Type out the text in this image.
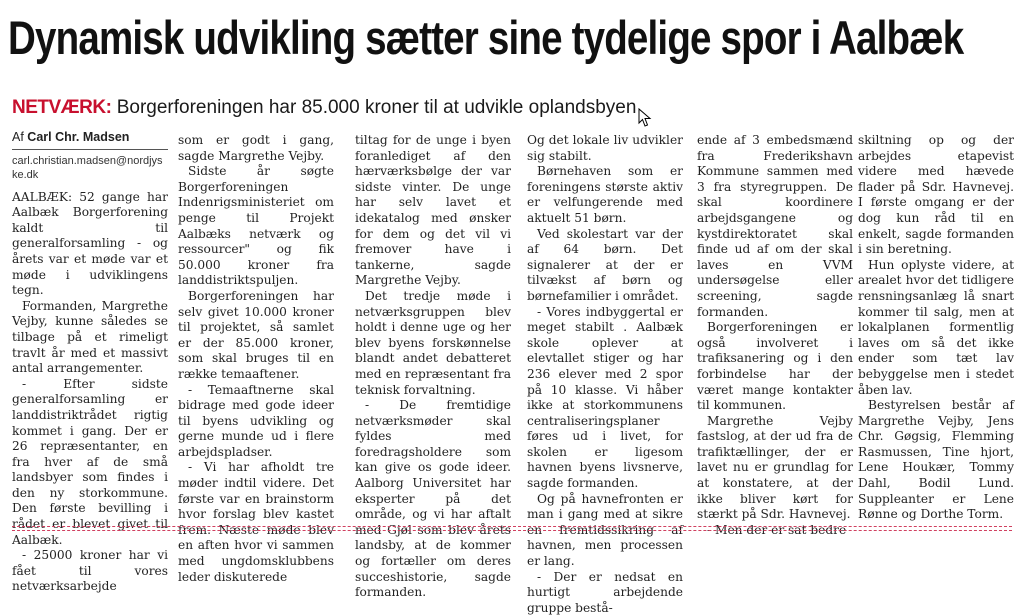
Dynamisk udvikling sætter sine tydelige spor i Aalbæk
NETVÆRK: Borgerforeningen har 85.000 kroner til at udvikle oplandsbyen
Af Carl Chr. Madsen
carl.christian.madsen@nordjyske.dk

AALBÆK: 52 gange har Aalbæk Borgerforening kaldt til generalforsamling - og årets var et møde var et møde i udviklingens tegn.

Formanden, Margrethe Vejby, kunne således se tilbage på et rimeligt travlt år med et massivt antal arrangementer.

- Efter sidste generalforsamling er landdistriktrådet rigtig kommet i gang. Der er 26 repræsentanter, en fra hver af de små landsbyer som findes i den ny storkommune. Den første bevilling i rådet er blevet givet til Aalbæk.

- 25000 kroner har vi fået til vores netværksarbejde

som er godt i gang, sagde Margrethe Vejby.

Sidste år søgte Borgerforeningen Indenrigsministeriet om penge til Projekt Aalbæks netværk og ressourcer" og fik 50.000 kroner fra landdistriktspuljen.

Borgerforeningen har selv givet 10.000 kroner til projektet, så samlet er der 85.000 kroner, som skal bruges til en række temaaftener.

- Temaaftnerne skal bidrage med gode ideer til byens udvikling og gerne munde ud i flere arbejdspladser.

- Vi har afholdt tre møder indtil videre. Det første var en brainstorm hvor forslag blev kastet frem. Næste møde blev en aften hvor vi sammen med ungdomsklubbens leder diskuterede

tiltag for de unge i byen foranlediget af den hærværksbølge der var sidste vinter. De unge har selv lavet et idekatalog med ønsker for dem og det vil vi fremover have i tankerne, sagde Margrethe Vejby.

Det tredje møde i netværksgruppen blev holdt i denne uge og her blev byens forskønnelse blandt andet debatteret med en repræsentant fra teknisk forvaltning.

- De fremtidige netværksmøder skal fyldes med foredragsholdere som kan give os gode ideer. Aalborg Universitet har eksperter på det område, og vi har aftalt med Gjøl som blev årets landsby, at de kommer og fortæller om deres succeshistorie, sagde formanden.

Og det lokale liv udvikler sig stabilt.

Børnehaven som er foreningens største aktiv er velfungerende med aktuelt 51 børn.

Ved skolestart var der af 64 børn. Det signalerer at der er tilvækst af børn og børnefamilier i området.

- Vores indbyggertal er meget stabilt . Aalbæk skole oplever at elevtallet stiger og har 236 elever med 2 spor på 10 klasse. Vi håber ikke at storkommunens centraliseringsplaner føres ud i livet, for skolen er ligesom havnen byens livsnerve, sagde formanden.

Og på havnefronten er man i gang med at sikre en fremtidssikring af havnen, men processen er lang.

- Der er nedsat en hurtigt arbejdende gruppe bestå-

ende af 3 embedsmænd fra Frederikshavn Kommune sammen med 3 fra styregruppen. De skal koordinere arbejdsgangene og kystdirektoratet skal finde ud af om der skal laves en VVM undersøgelse eller screening, sagde formanden.

Borgerforeningen er også involveret i trafiksanering og i den forbindelse har der været mange kontakter til kommunen.

Margrethe Vejby fastslog, at der ud fra de trafiktællinger, der er lavet nu er grundlag for at konstatere, at der ikke bliver kørt for stærkt på Sdr. Havnevej.

- Men der er sat bedre

skiltning op og der arbejdes etapevist videre med hævede flader på Sdr. Havnevej. I første omgang er der dog kun råd til en enkelt, sagde formanden i sin beretning.

Hun oplyste videre, at arealet hvor det tidligere rensningsanlæg lå snart kommer til salg, men at lokalplanen formentlig laves om så det ikke ender som tæt lav bebyggelse men i stedet åben lav.

Bestyrelsen består af Margrethe Vejby, Jens Chr. Gøgsig, Flemming Rasmussen, Tine hjort, Lene Houkær, Tommy Dahl, Bodil Lund. Suppleanter er Lene Rønne og Dorthe Torm.
